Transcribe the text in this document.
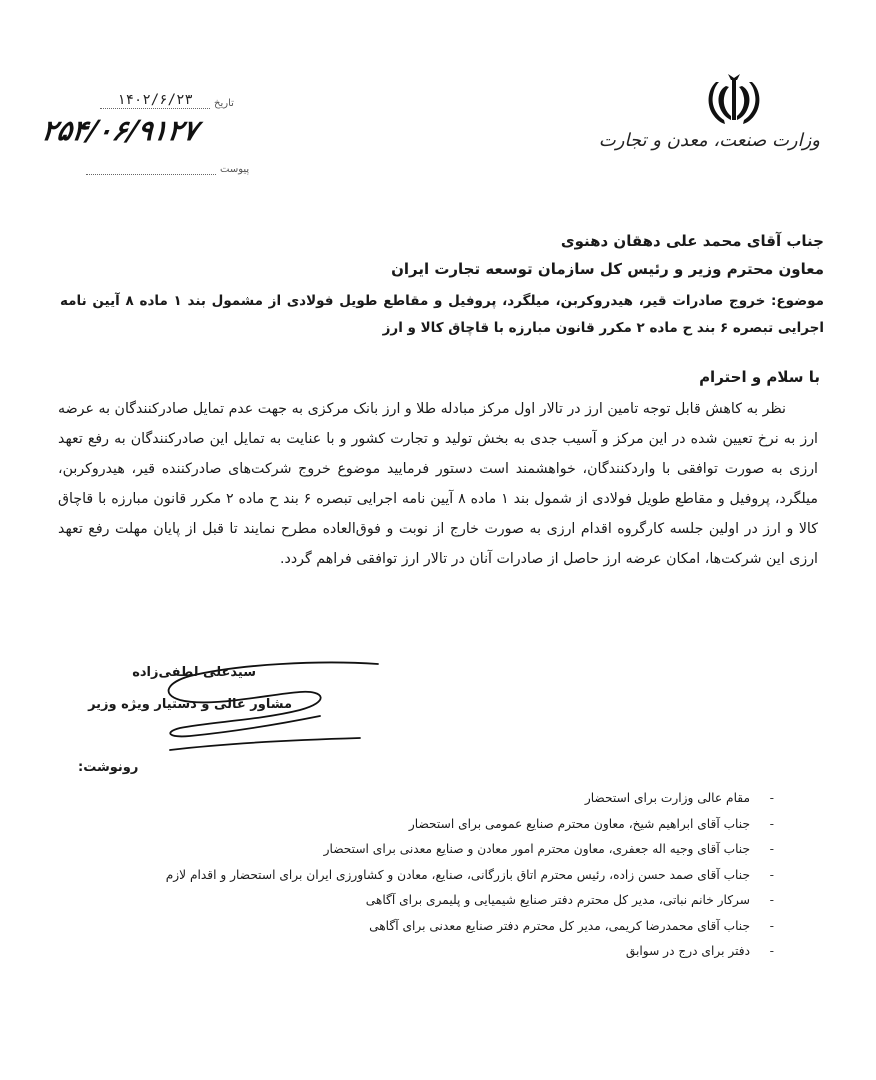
وزارت صنعت، معدن و تجارت
۱۴۰۲/۶/۲۳	تاریخ
۲۵۴/۰۶/۹۱۲۷
پیوست
جناب آقای محمد علی دهقان دهنوی
معاون محترم وزیر و رئیس کل سازمان توسعه تجارت ایران
موضوع: خروج صادرات قیر، هیدروکربن، میلگرد، پروفیل و مقاطع طویل فولادی از مشمول بند ۱ ماده ۸ آیین نامه اجرایی تبصره ۶ بند ح ماده ۲ مکرر قانون مبارزه با قاچاق کالا و ارز
با سلام و احترام
نظر به کاهش قابل توجه تامین ارز در تالار اول مرکز مبادله طلا و ارز بانک مرکزی به جهت عدم تمایل صادرکنندگان به عرضه ارز به نرخ تعیین شده در این مرکز و آسیب جدی به بخش تولید و تجارت کشور و با عنایت به تمایل این صادرکنندگان به رفع تعهد ارزی به صورت توافقی با واردکنندگان، خواهشمند است دستور فرمایید موضوع خروج شرکت‌های صادرکننده قیر، هیدروکربن، میلگرد، پروفیل و مقاطع طویل فولادی از شمول بند ۱ ماده ۸ آیین نامه اجرایی تبصره ۶ بند ح ماده ۲ مکرر قانون مبارزه با قاچاق کالا و ارز در اولین جلسه کارگروه اقدام ارزی به صورت خارج از نوبت و فوق‌العاده مطرح نمایند تا قبل از پایان مهلت رفع تعهد ارزی این شرکت‌ها، امکان عرضه ارز حاصل از صادرات آنان در تالار ارز توافقی فراهم گردد.
سیدعلی لطفی‌زاده
مشاور عالی و دستیار ویژه وزیر
رونوشت:
-
مقام عالی وزارت برای استحضار
-
جناب آقای ابراهیم شیخ، معاون محترم صنایع عمومی برای استحضار
-
جناب آقای وجیه اله جعفری، معاون محترم امور معادن و صنایع معدنی برای استحضار
-
جناب آقای صمد حسن زاده، رئیس محترم اتاق بازرگانی، صنایع، معادن و کشاورزی ایران برای استحضار و اقدام لازم
-
سرکار خانم نباتی، مدیر کل محترم دفتر صنایع شیمیایی و پلیمری برای آگاهی
-
جناب آقای محمدرضا کریمی، مدیر کل محترم دفتر صنایع معدنی برای آگاهی
-
دفتر برای درج در سوابق
